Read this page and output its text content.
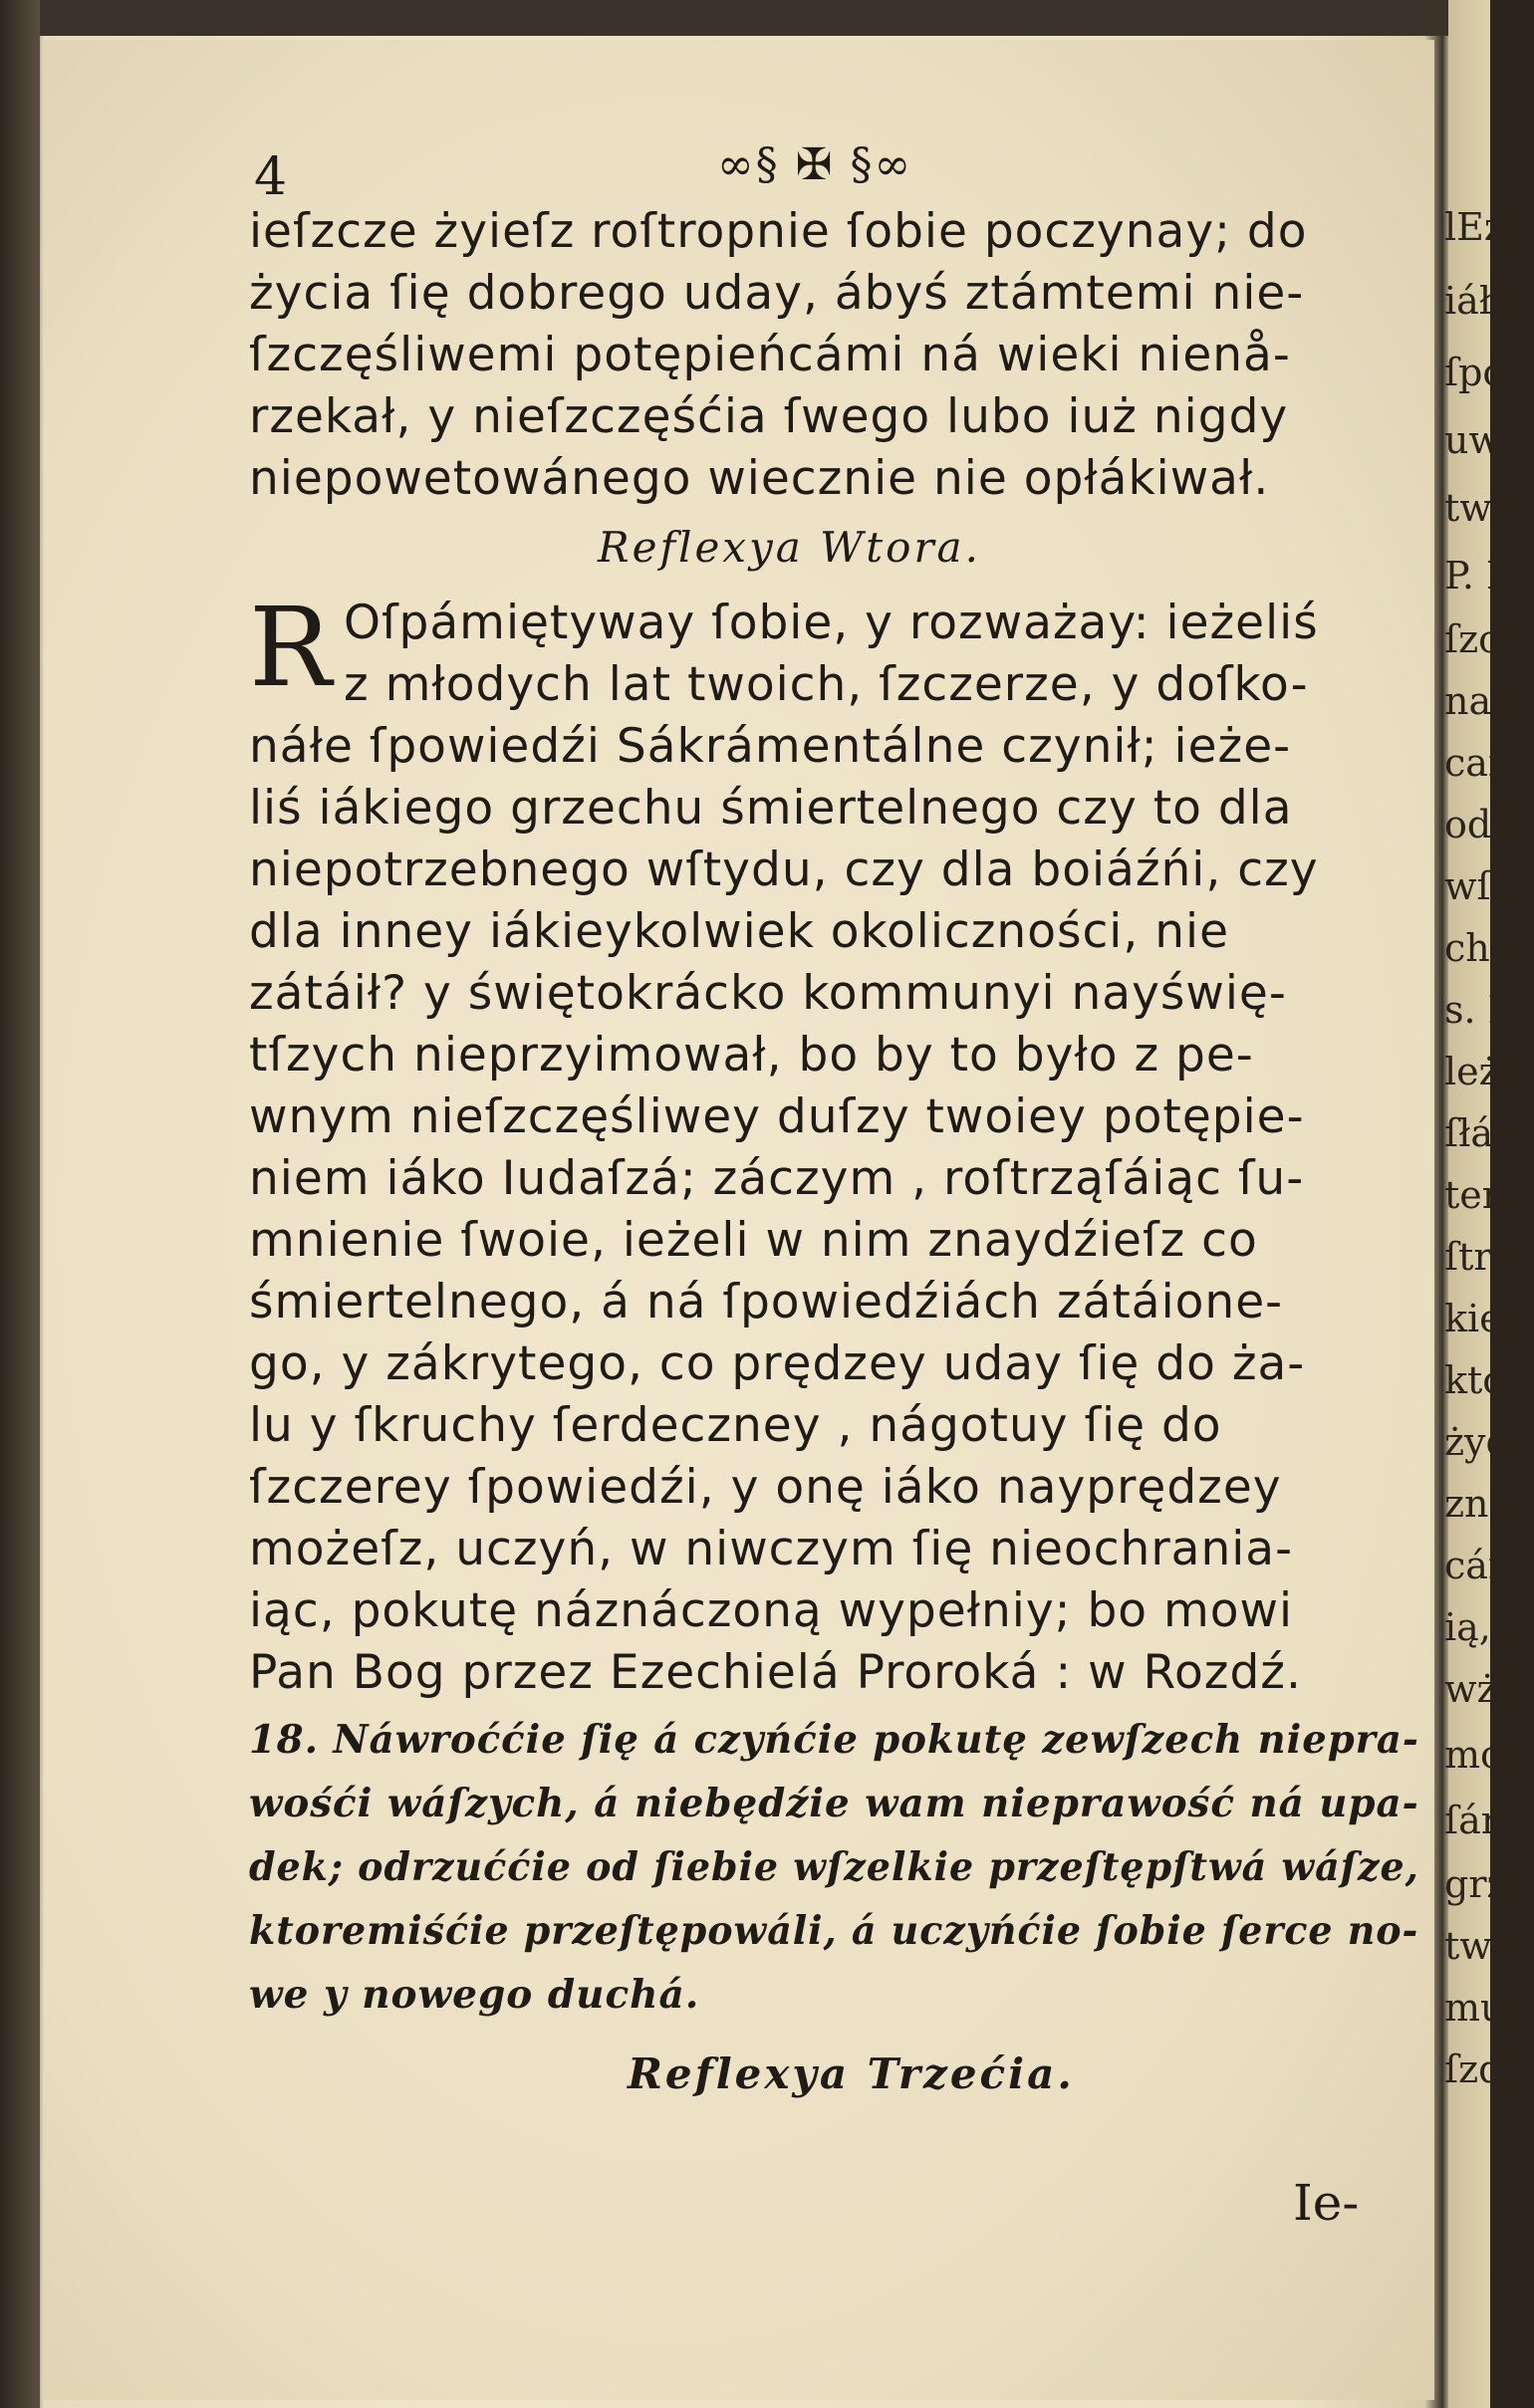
4	∞§ ✠ §∞
ieſzcze żyieſz roſtropnie ſobie poczynay; do
życia ſię dobrego uday, ábyś ztámtemi nie-
ſzczęśliwemi potępieńcámi ná wieki nienå-
rzekał, y nieſzczęśćia ſwego lubo iuż nigdy
niepowetowánego wiecznie nie opłákiwał.
Reflexya Wtora.
R Oſpámiętyway ſobie, y rozważay: ieżeliś
z młodych lat twoich, ſzczerze, y doſko-
náłe ſpowiedźi Sákrámentálne czynił; ieże-
liś iákiego grzechu śmiertelnego czy to dla
niepotrzebnego wſtydu, czy dla boiáźńi, czy
dla inney iákieykolwiek okoliczności, nie
zátáił? y świętokrácko kommunyi nayświę-
tſzych nieprzyimował, bo by to było z pe-
wnym nieſzczęśliwey duſzy twoiey potępie-
niem iáko Iudaſzá; záczym , roſtrząſáiąc ſu-
mnienie ſwoie, ieżeli w nim znaydźieſz co
śmiertelnego, á ná ſpowiedźiách zátáione-
go, y zákrytego, co prędzey uday ſię do ża-
lu y ſkruchy ſerdeczney , nágotuy ſię do
ſzczerey ſpowiedźi, y onę iáko nayprędzey
możeſz, uczyń, w niwczym ſię nieochrania-
iąc, pokutę náznáczoną wypełniy; bo mowi
Pan Bog przez Ezechielá Proroká : w Rozdź.
18. Náwroććie ſię á czyńćie pokutę zewſzech niepra-
wośći wáſzych, á niebędźie wam nieprawość ná upa-
dek; odrzuććie od ſiebie wſzelkie przeſtępſtwá wáſze,
ktoremiśćie przeſtępowáli, á uczyńćie ſobie ſerce no-
we y nowego duchá.
Reflexya Trzećia.
Ie-
lEż
iáł
ſpo
uwa
twie
P. I
ſzcz
nał(
caſz
odd
wſz
chca
s. P
leżo
ſłán
ten
ſtrá
kiel
kto
żyd
zná
cán
ią,
wżi
mo:
ſárt
grz
twá
mu
ſzd
